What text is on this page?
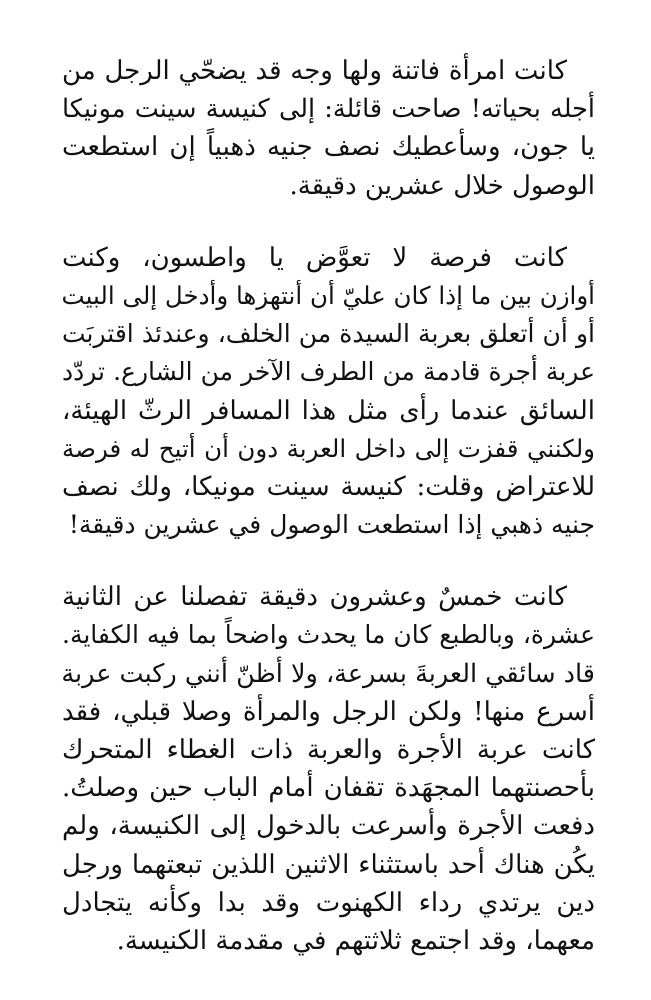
كانت امرأة فاتنة ولها وجه قد يضحّي الرجل من
أجله بحياته! صاحت قائلة: إلى كنيسة سينت مونيكا
يا جون، وسأعطيك نصف جنيه ذهبياً إن استطعت
الوصول خلال عشرين دقيقة.
كانت فرصة لا تعوَّض يا واطسون، وكنت
أوازن بين ما إذا كان عليّ أن أنتهزها وأدخل إلى البيت
أو أن أتعلق بعربة السيدة من الخلف، وعندئذ اقتربَت
عربة أجرة قادمة من الطرف الآخر من الشارع. تردّد
السائق عندما رأى مثل هذا المسافر الرثّ الهيئة،
ولكنني قفزت إلى داخل العربة دون أن أتيح له فرصة
للاعتراض وقلت: كنيسة سينت مونيكا، ولك نصف
جنيه ذهبي إذا استطعت الوصول في عشرين دقيقة!
كانت خمسٌ وعشرون دقيقة تفصلنا عن الثانية
عشرة، وبالطبع كان ما يحدث واضحاً بما فيه الكفاية.
قاد سائقي العربةَ بسرعة، ولا أظنّ أنني ركبت عربة
أسرع منها! ولكن الرجل والمرأة وصلا قبلي، فقد
كانت عربة الأجرة والعربة ذات الغطاء المتحرك
بأحصنتهما المجهَدة تقفان أمام الباب حين وصلتُ.
دفعت الأجرة وأسرعت بالدخول إلى الكنيسة، ولم
يكُن هناك أحد باستثناء الاثنين اللذين تبعتهما ورجل
دين يرتدي رداء الكهنوت وقد بدا وكأنه يتجادل
معهما، وقد اجتمع ثلاثتهم في مقدمة الكنيسة.
